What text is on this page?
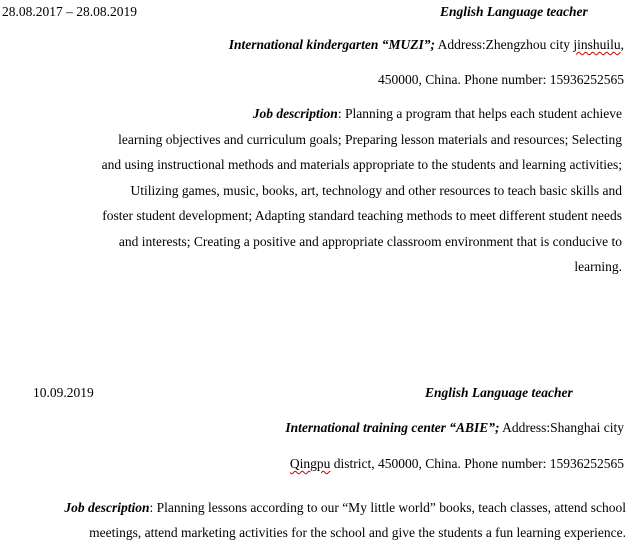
28.08.2017 – 28.08.2019	English Language teacher
International kindergarten “MUZI”; Address:Zhengzhou city jinshuilu,
450000, China. Phone number: 15936252565
Job description: Planning a program that helps each student achieve
learning objectives and curriculum goals; Preparing lesson materials and resources; Selecting
and using instructional methods and materials appropriate to the students and learning activities;
Utilizing games, music, books, art, technology and other resources to teach basic skills and
foster student development; Adapting standard teaching methods to meet different student needs
and interests; Creating a positive and appropriate classroom environment that is conducive to
learning.
10.09.2019	English Language teacher
International training center “ABIE”; Address:Shanghai city
Qingpu district, 450000, China. Phone number: 15936252565
Job description: Planning lessons according to our “My little world” books, teach classes, attend school
meetings, attend marketing activities for the school and give the students a fun learning experience.
